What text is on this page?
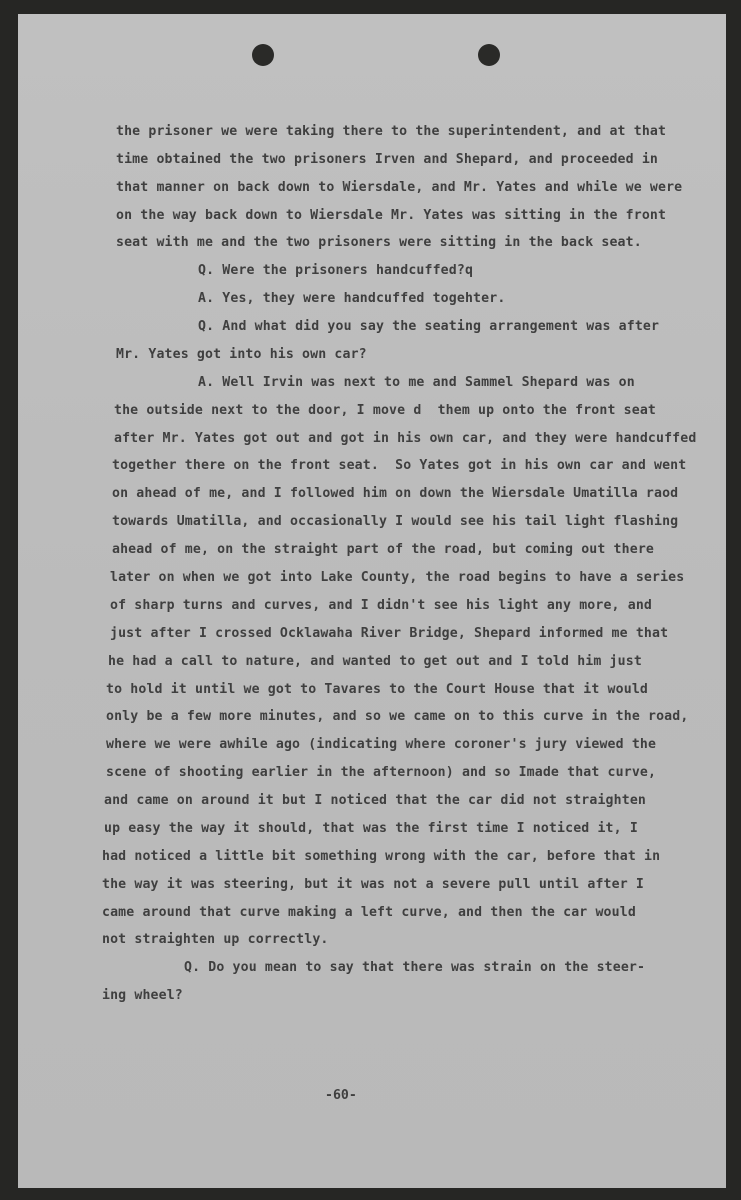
the prisoner we were taking there to the superintendent, and at that
time obtained the two prisoners Irven and Shepard, and proceeded in
that manner on back down to Wiersdale, and Mr. Yates and while we were
on the way back down to Wiersdale Mr. Yates was sitting in the front
seat with me and the two prisoners were sitting in the back seat.
Q. Were the prisoners handcuffed?q
A. Yes, they were handcuffed togehter.
Q. And what did you say the seating arrangement was after
Mr. Yates got into his own car?
A. Well Irvin was next to me and Sammel Shepard was on
the outside next to the door, I move d  them up onto the front seat
after Mr. Yates got out and got in his own car, and they were handcuffed
together there on the front seat.  So Yates got in his own car and went
on ahead of me, and I followed him on down the Wiersdale Umatilla raod
towards Umatilla, and occasionally I would see his tail light flashing
ahead of me, on the straight part of the road, but coming out there
later on when we got into Lake County, the road begins to have a series
of sharp turns and curves, and I didn't see his light any more, and
just after I crossed Ocklawaha River Bridge, Shepard informed me that
he had a call to nature, and wanted to get out and I told him just
to hold it until we got to Tavares to the Court House that it would
only be a few more minutes, and so we came on to this curve in the road,
where we were awhile ago (indicating where coroner's jury viewed the
scene of shooting earlier in the afternoon) and so Imade that curve,
and came on around it but I noticed that the car did not straighten
up easy the way it should, that was the first time I noticed it, I
had noticed a little bit something wrong with the car, before that in
the way it was steering, but it was not a severe pull until after I
came around that curve making a left curve, and then the car would
not straighten up correctly.
Q. Do you mean to say that there was strain on the steer-
ing wheel?
-60-
